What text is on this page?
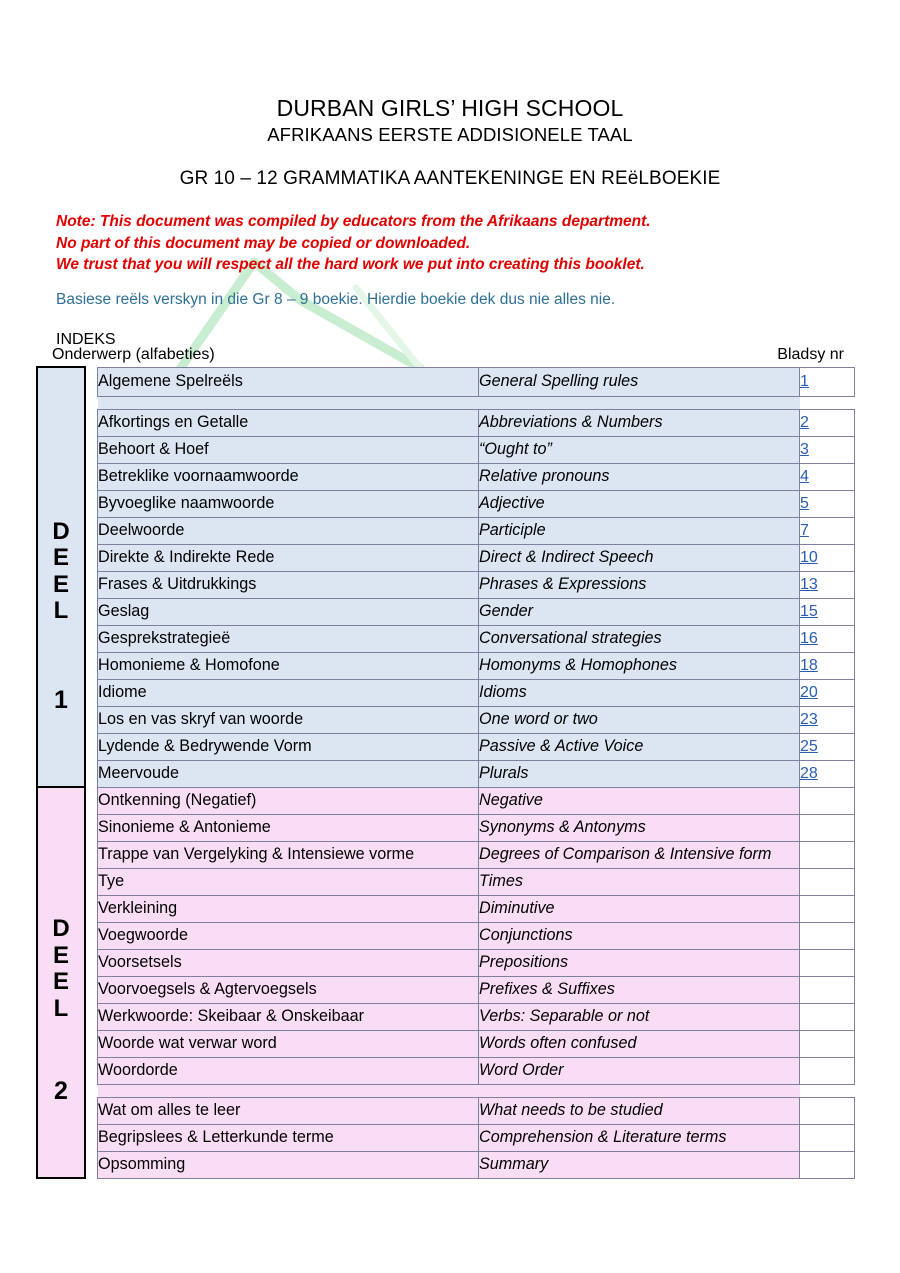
DURBAN GIRLS’ HIGH SCHOOL
AFRIKAANS EERSTE ADDISIONELE TAAL
GR 10 – 12 GRAMMATIKA AANTEKENINGE EN REëLBOEKIE
Note: This document was compiled by educators from the Afrikaans department.
No part of this document may be copied or downloaded.
We trust that you will respect all the hard work we put into creating this booklet.
Basiese reëls verskyn in die Gr 8 – 9 boekie. Hierdie boekie dek dus nie alles nie.
INDEKS
Onderwerp (alfabeties)	Bladsy nr
D
E
E
L
1		Algemene Spelreëls	General Spelling rules	1

		Afkortings en Getalle	Abbreviations & Numbers	2
		Behoort & Hoef	“Ought to”	3
		Betreklike voornaamwoorde	Relative pronouns	4
		Byvoeglike naamwoorde	Adjective	5
		Deelwoorde	Participle	7
		Direkte & Indirekte Rede	Direct & Indirect Speech	10
		Frases & Uitdrukkings	Phrases & Expressions	13
		Geslag	Gender	15
		Gesprekstrategieë	Conversational strategies	16
		Homonieme & Homofone	Homonyms & Homophones	18
		Idiome	Idioms	20
		Los en vas skryf van woorde	One word or two	23
		Lydende & Bedrywende Vorm	Passive & Active Voice	25
		Meervoude	Plurals	28

D
E
E
L
2		Ontkenning (Negatief)	Negative	
		Sinonieme & Antonieme	Synonyms & Antonyms	
		Trappe van Vergelyking & Intensiewe vorme	Degrees of Comparison & Intensive form	
		Tye	Times	
		Verkleining	Diminutive	
		Voegwoorde	Conjunctions	
		Voorsetsels	Prepositions	
		Voorvoegsels & Agtervoegsels	Prefixes & Suffixes	
		Werkwoorde: Skeibaar & Onskeibaar	Verbs: Separable or not	
		Woorde wat verwar word	Words often confused	
		Woordorde	Word Order	

		Wat om alles te leer	What needs to be studied	
		Begripslees & Letterkunde terme	Comprehension & Literature terms	
		Opsomming	Summary	
